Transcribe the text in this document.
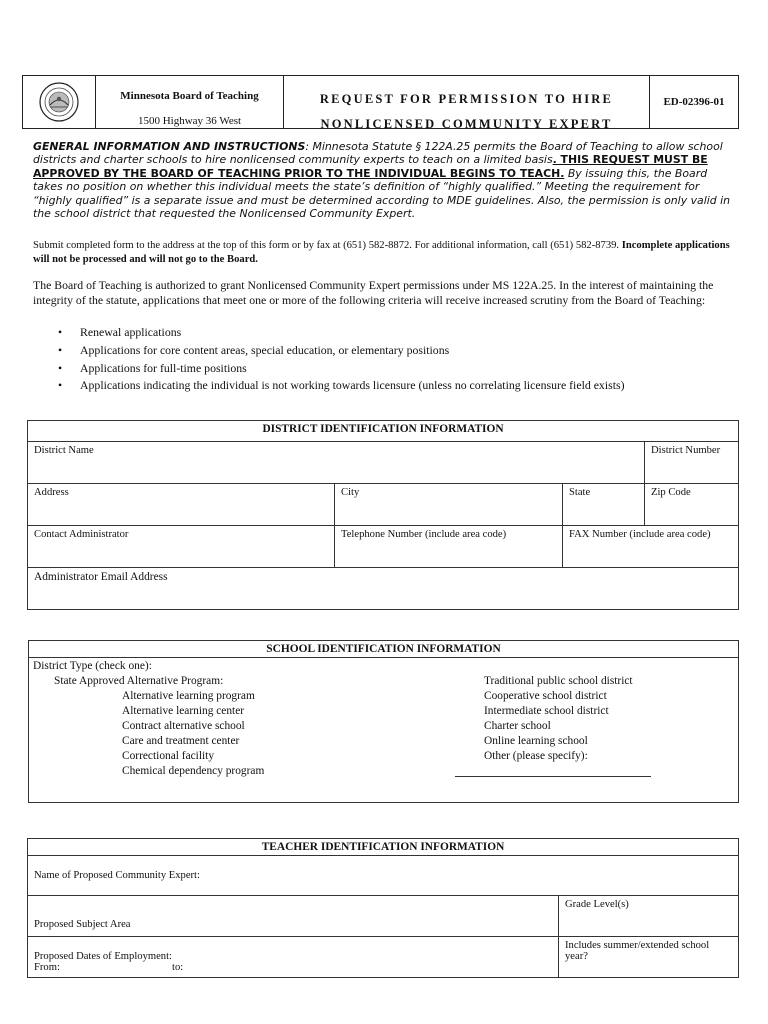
Minnesota Board of Teaching
1500 Highway 36 West
REQUEST FOR PERMISSION TO HIRE
NONLICENSED COMMUNITY EXPERT
ED-02396-01
GENERAL INFORMATION AND INSTRUCTIONS: Minnesota Statute § 122A.25 permits the Board of Teaching to allow school districts and charter schools to hire nonlicensed community experts to teach on a limited basis. THIS REQUEST MUST BE APPROVED BY THE BOARD OF TEACHING PRIOR TO THE INDIVIDUAL BEGINS TO TEACH. By issuing this, the Board takes no position on whether this individual meets the state’s definition of “highly qualified.” Meeting the requirement for “highly qualified” is a separate issue and must be determined according to MDE guidelines. Also, the permission is only valid in the school district that requested the Nonlicensed Community Expert.
Submit completed form to the address at the top of this form or by fax at (651) 582-8872. For additional information, call (651) 582-8739. Incomplete applications will not be processed and will not go to the Board.
The Board of Teaching is authorized to grant Nonlicensed Community Expert permissions under MS 122A.25. In the interest of maintaining the integrity of the statute, applications that meet one or more of the following criteria will receive increased scrutiny from the Board of Teaching:
• Renewal applications
• Applications for core content areas, special education, or elementary positions
• Applications for full-time positions
• Applications indicating the individual is not working towards licensure (unless no correlating licensure field exists)
DISTRICT IDENTIFICATION INFORMATION			
District Name			District Number
Address	City	State	Zip Code
Contact Administrator	Telephone Number (include area code)	FAX Number (include area code)	
Administrator Email Address			
SCHOOL IDENTIFICATION INFORMATION
District Type (check one):
State Approved Alternative Program:
Alternative learning program
Alternative learning center
Contract alternative school
Care and treatment center
Correctional facility
Chemical dependency program
Traditional public school district
Cooperative school district
Intermediate school district
Charter school
Online learning school
Other (please specify):
TEACHER IDENTIFICATION INFORMATION	
Name of Proposed Community Expert:	
Proposed Subject Area	Grade Level(s)

Proposed Dates of Employment:
From: to:	Includes summer/extended school year?
